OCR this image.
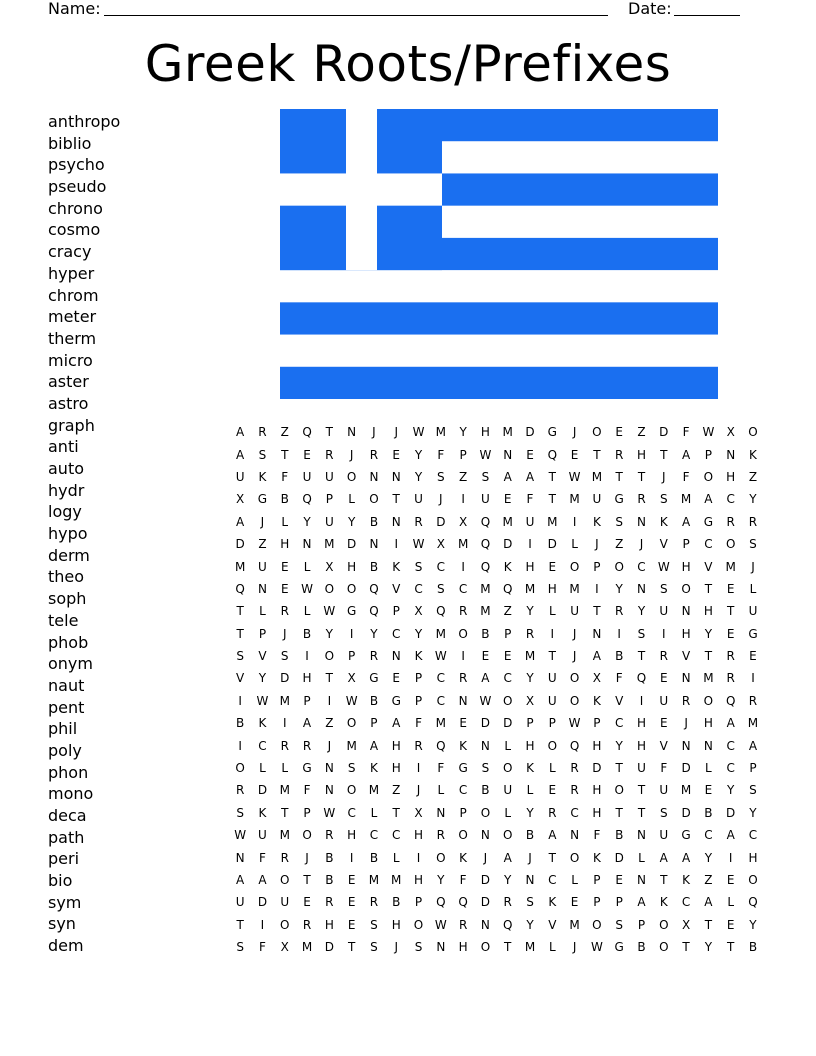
Name:	Date:
Greek Roots/Prefixes
anthropo
biblio
psycho
pseudo
chrono
cosmo
cracy
hyper
chrom
meter
therm
micro
aster
astro
graph
anti
auto
hydr
logy
hypo
derm
theo
soph
tele
phob
onym
naut
pent
phil
poly
phon
mono
deca
path
peri
bio
sym
syn
dem
A	R	Z	Q	T	N	J	J	W	M	Y	H	M	D	G	J	O	E	Z	D	F	W	X	O
A	S	T	E	R	J	R	E	Y	F	P	W	N	E	Q	E	T	R	H	T	A	P	N	K
U	K	F	U	U	O	N	N	Y	S	Z	S	A	A	T	W	M	T	T	J	F	O	H	Z
X	G	B	Q	P	L	O	T	U	J	I	U	E	F	T	M	U	G	R	S	M	A	C	Y
A	J	L	Y	U	Y	B	N	R	D	X	Q	M	U	M	I	K	S	N	K	A	G	R	R
D	Z	H	N	M	D	N	I	W	X	M	Q	D	I	D	L	J	Z	J	V	P	C	O	S
M	U	E	L	X	H	B	K	S	C	I	Q	K	H	E	O	P	O	C	W	H	V	M	J
Q	N	E	W	O	O	Q	V	C	S	C	M	Q	M	H	M	I	Y	N	S	O	T	E	L
T	L	R	L	W	G	Q	P	X	Q	R	M	Z	Y	L	U	T	R	Y	U	N	H	T	U
T	P	J	B	Y	I	Y	C	Y	M	O	B	P	R	I	J	N	I	S	I	H	Y	E	G
S	V	S	I	O	P	R	N	K	W	I	E	E	M	T	J	A	B	T	R	V	T	R	E
V	Y	D	H	T	X	G	E	P	C	R	A	C	Y	U	O	X	F	Q	E	N	M	R	I
I	W	M	P	I	W	B	G	P	C	N	W	O	X	U	O	K	V	I	U	R	O	Q	R
B	K	I	A	Z	O	P	A	F	M	E	D	D	P	P	W	P	C	H	E	J	H	A	M
I	C	R	R	J	M	A	H	R	Q	K	N	L	H	O	Q	H	Y	H	V	N	N	C	A
O	L	L	G	N	S	K	H	I	F	G	S	O	K	L	R	D	T	U	F	D	L	C	P
R	D	M	F	N	O	M	Z	J	L	C	B	U	L	E	R	H	O	T	U	M	E	Y	S
S	K	T	P	W	C	L	T	X	N	P	O	L	Y	R	C	H	T	T	S	D	B	D	Y
W	U	M	O	R	H	C	C	H	R	O	N	O	B	A	N	F	B	N	U	G	C	A	C
N	F	R	J	B	I	B	L	I	O	K	J	A	J	T	O	K	D	L	A	A	Y	I	H
A	A	O	T	B	E	M	M	H	Y	F	D	Y	N	C	L	P	E	N	T	K	Z	E	O
U	D	U	E	R	E	R	B	P	Q	Q	D	R	S	K	E	P	P	A	K	C	A	L	Q
T	I	O	R	H	E	S	H	O	W	R	N	Q	Y	V	M	O	S	P	O	X	T	E	Y
S	F	X	M	D	T	S	J	S	N	H	O	T	M	L	J	W	G	B	O	T	Y	T	B
